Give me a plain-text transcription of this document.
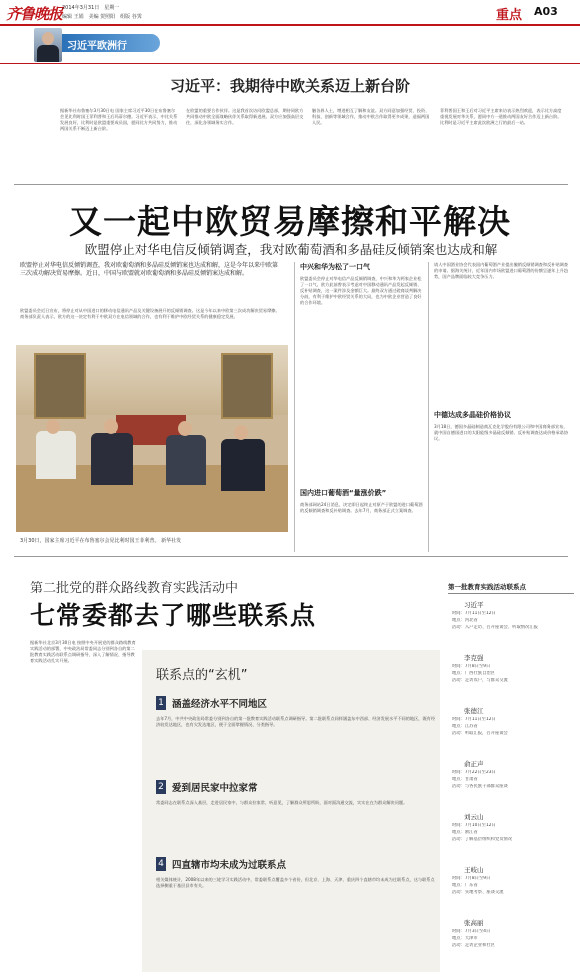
齐鲁晚报 2014年3月31日　星期一
编辑 王娟　美编 贺照阳　组版 谷霁	重点 A03
习近平欧洲行
习近平：我期待中欧关系迈上新台阶
据新华社布鲁塞尔3月30日电 国家主席习近平30日在布鲁塞尔会见比利时国王菲利普和王后玛蒂尔德。习近平表示，中比关系发展良好，比利时是欧盟重要成员国，愿同比方共同努力，推动两国关系不断迈上新台阶。
在欧盟的重要合作伙伴。这是我首次访问欧盟总部，期待同欧方共同推动中欧全面战略伙伴关系取得新进展。双方应加强高层交往，深化各领域务实合作。
触各界人士，增进相互了解和友谊。双方同意加强经贸、投资、科技、创新等领域合作，推动中欧合作取得更多成果，造福两国人民。
菲利普国王和王后对习近平主席来访表示热烈欢迎，表示比方高度重视发展对华关系，愿同中方一道推动两国友好合作迈上新台阶。比利时是习近平主席此次欧洲之行的最后一站。
又一起中欧贸易摩擦和平解决
欧盟停止对华电信反倾销调查，我对欧葡萄酒和多晶硅反倾销案也达成和解
欧盟停止对华电信反倾销调查，我对欧葡萄酒和多晶硅反倾销案也达成和解，这是今年以来中欧第三次成功解决贸易摩擦。近日，中国与欧盟就对欧葡萄酒和多晶硅反倾销案达成和解。
欧盟委员会近日宣布，将停止对从中国进口的移动电信通讯产品及关键设备展开的反倾销调查。这是今年以来中欧第三次成功解决贸易摩擦。商务部负责人表示，欧方的这一决定有利于中欧双方在电信领域的合作，也有利于维护中欧经贸关系的健康稳定发展。
3月30日，国家主席习近平在布鲁塞尔会见比利时国王菲利普。 新华社发
中兴和华为松了一口气
欧盟委员会停止对华电信产品反倾销调查，中兴和华为两家企业松了一口气。欧方此前曾表示考虑对中国移动通讯产品发起反倾销、反补贴调查，这一案件涉及金额巨大。最终双方通过磋商谈判解决分歧，有利于维护中欧经贸关系的大局，也为中欧企业营造了良好的合作环境。
国内进口葡萄酒“量涨价跌”
商务部网站24日消息，决定即日起终止对原产于欧盟的进口葡萄酒的反倾销调查和反补贴调查。去年7月，商务部正式立案调查。
请人中国酒业协会代表国内葡萄酒产业提出撤销反倾销调查和反补贴调查的申请。据海关统计，近年国内市场欧盟进口葡萄酒的份额呈逐年上升趋势，国产品牌面临较大竞争压力。
中德达成多晶硅价格协议
3月18日，德国多晶硅制造商瓦克化学股份有限公司和中国商务部宣布，就中国自德国进口的太阳能级多晶硅反倾销、反补贴调查达成价格承诺协议。
第二批党的群众路线教育实践活动中
七常委都去了哪些联系点
据新华社北京3月30日电 按照中央开展党的群众路线教育实践活动的部署，中央政治局常委同志分别到各自的第二批教育实践活动联系点调研指导，深入了解情况、指导教育实践活动扎实开展。
联系点的“玄机”
1 涵盖经济水平不同地区
去年7月，中共中央政治局常委分别到各自的第一批教育实践活动联系点调研指导。第二批联系点同样涵盖东中西部、经济发展水平不同的地区，既有经济较发达地区，也有欠发达地区，便于全面掌握情况、分类指导。
2 爱到居民家中拉家常
常委同志在联系点深入基层，走进居民家中，与群众拉家常、听意见，了解群众所思所盼，面对面沟通交流，实实在在为群众解决问题。
4 四直辖市均未成为过联系点
相关媒体统计，2008年以来的三轮学习实践活动中，常委联系点覆盖多个省份，但北京、上海、天津、重庆四个直辖市均未成为过联系点，这与联系点选择侧重于基层县市有关。
第一批教育实践活动联系点
习近平
时间：7月11日至12日
地点：河北省
活动：入户走访、召开座谈会、听取情况汇报
李克强
时间：7月8日至9日
地点：广西壮族自治区
活动：走访农户，与群众交流
张德江
时间：7月11日至12日
地点：江苏省
活动：听取汇报，召开座谈会
俞正声
时间：7月22日至23日
地点：甘肃省
活动：与各民族干部群众座谈
刘云山
时间：7月10日至12日
地点：浙江省
活动：了解基层组织和党员情况
王岐山
时间：7月8日至9日
地点：广东省
活动：实地考察、座谈交流
张高丽
时间：7月3日至4日
地点：天津市
活动：走访企业和社区
